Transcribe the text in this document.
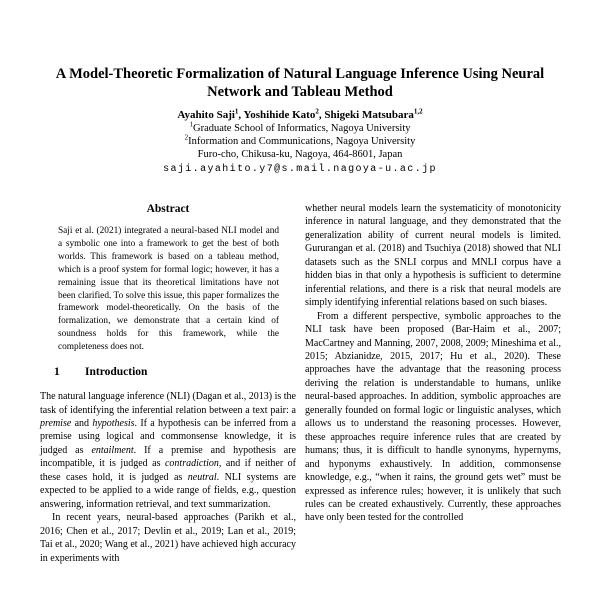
A Model-Theoretic Formalization of Natural Language Inference Using Neural Network and Tableau Method
Ayahito Saji$^1$, Yoshihide Kato$^2$, Shigeki Matsubara$^{1,2}$
$^1$Graduate School of Informatics, Nagoya University
$^2$Information and Communications, Nagoya University
Furo-cho, Chikusa-ku, Nagoya, 464-8601, Japan
saji.ayahito.y7@s.mail.nagoya-u.ac.jp
Abstract
Saji et al. (2021) integrated a neural-based NLI model and a symbolic one into a framework to get the best of both worlds. This framework is based on a tableau method, which is a proof system for formal logic; however, it has a remaining issue that its theoretical limitations have not been clarified. To solve this issue, this paper formalizes the framework model-theoretically. On the basis of the formalization, we demonstrate that a certain kind of soundness holds for this framework, while the completeness does not.
1 Introduction

The natural language inference (NLI) (Dagan et al., 2013) is the task of identifying the inferential relation between a text pair: a premise and hypothesis. If a hypothesis can be inferred from a premise using logical and commonsense knowledge, it is judged as entailment. If a premise and hypothesis are incompatible, it is judged as contradiction, and if neither of these cases hold, it is judged as neutral. NLI systems are expected to be applied to a wide range of fields, e.g., question answering, information retrieval, and text summarization.

In recent years, neural-based approaches (Parikh et al., 2016; Chen et al., 2017; Devlin et al., 2019; Lan et al., 2019; Tai et al., 2020; Wang et al., 2021) have achieved high accuracy in experiments with

whether neural models learn the systematicity of monotonicity inference in natural language, and they demonstrated that the generalization ability of current neural models is limited. Gururangan et al. (2018) and Tsuchiya (2018) showed that NLI datasets such as the SNLI corpus and MNLI corpus have a hidden bias in that only a hypothesis is sufficient to determine inferential relations, and there is a risk that neural models are simply identifying inferential relations based on such biases.

From a different perspective, symbolic approaches to the NLI task have been proposed (Bar-Haim et al., 2007; MacCartney and Manning, 2007, 2008, 2009; Mineshima et al., 2015; Abzianidze, 2015, 2017; Hu et al., 2020). These approaches have the advantage that the reasoning process deriving the relation is understandable to humans, unlike neural-based approaches. In addition, symbolic approaches are generally founded on formal logic or linguistic analyses, which allows us to understand the reasoning processes. However, these approaches require inference rules that are created by humans; thus, it is difficult to handle synonyms, hypernyms, and hyponyms exhaustively. In addition, commonsense knowledge, e.g., “when it rains, the ground gets wet” must be expressed as inference rules; however, it is unlikely that such rules can be created exhaustively. Currently, these approaches have only been tested for the controlled
